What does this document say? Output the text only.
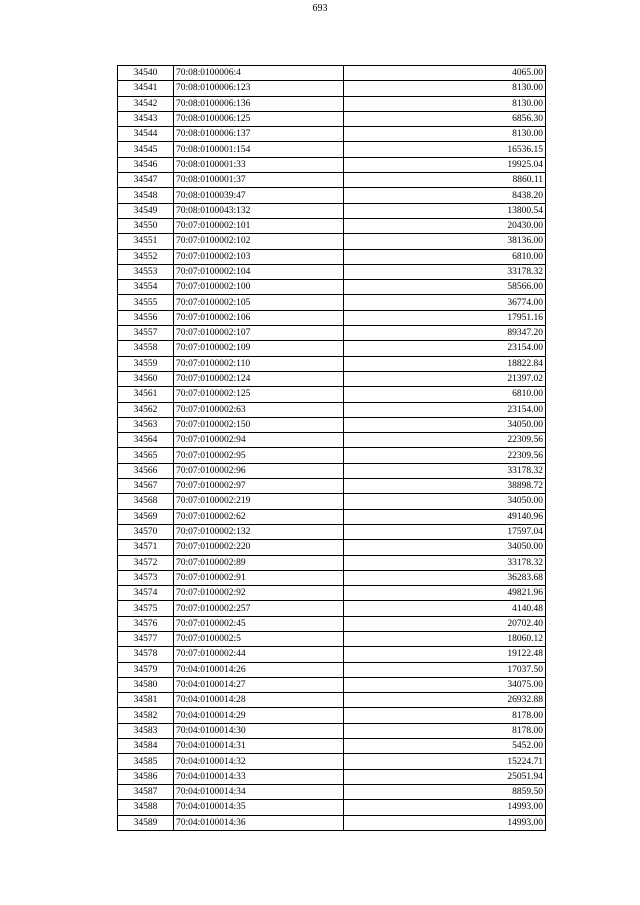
693
34540	70:08:0100006:4	4065.00
34541	70:08:0100006:123	8130.00
34542	70:08:0100006:136	8130.00
34543	70:08:0100006:125	6856.30
34544	70:08:0100006:137	8130.00
34545	70:08:0100001:154	16536.15
34546	70:08:0100001:33	19925.04
34547	70:08:0100001:37	8860.11
34548	70:08:0100039:47	8438.20
34549	70:08:0100043:132	13800.54
34550	70:07:0100002:101	20430.00
34551	70:07:0100002:102	38136.00
34552	70:07:0100002:103	6810.00
34553	70:07:0100002:104	33178.32
34554	70:07:0100002:100	58566.00
34555	70:07:0100002:105	36774.00
34556	70:07:0100002:106	17951.16
34557	70:07:0100002:107	89347.20
34558	70:07:0100002:109	23154.00
34559	70:07:0100002:110	18822.84
34560	70:07:0100002:124	21397.02
34561	70:07:0100002:125	6810.00
34562	70:07:0100002:63	23154.00
34563	70:07:0100002:150	34050.00
34564	70:07:0100002:94	22309.56
34565	70:07:0100002:95	22309.56
34566	70:07:0100002:96	33178.32
34567	70:07:0100002:97	38898.72
34568	70:07:0100002:219	34050.00
34569	70:07:0100002:62	49140.96
34570	70:07:0100002:132	17597.04
34571	70:07:0100002:220	34050.00
34572	70:07:0100002:89	33178.32
34573	70:07:0100002:91	36283.68
34574	70:07:0100002:92	49821.96
34575	70:07:0100002:257	4140.48
34576	70:07:0100002:45	20702.40
34577	70:07:0100002:5	18060.12
34578	70:07:0100002:44	19122.48
34579	70:04:0100014:26	17037.50
34580	70:04:0100014:27	34075.00
34581	70:04:0100014:28	26932.88
34582	70:04:0100014:29	8178.00
34583	70:04:0100014:30	8178.00
34584	70:04:0100014:31	5452.00
34585	70:04:0100014:32	15224.71
34586	70:04:0100014:33	25051.94
34587	70:04:0100014:34	8859.50
34588	70:04:0100014:35	14993.00
34589	70:04:0100014:36	14993.00
